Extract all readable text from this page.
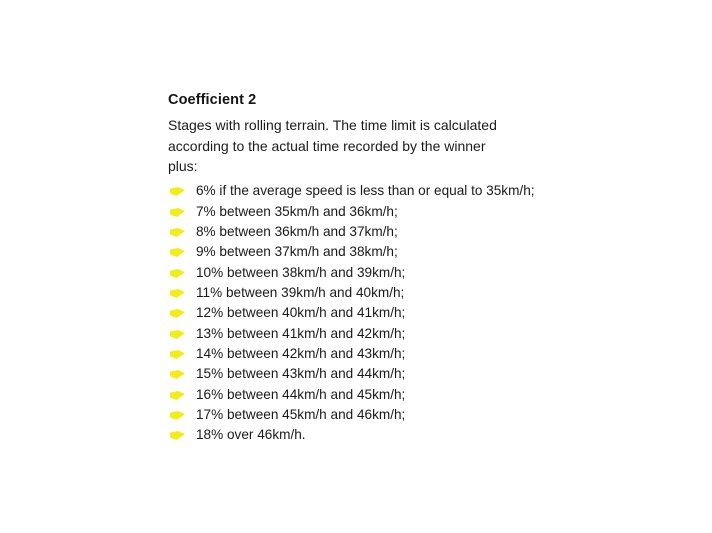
Coefficient 2

Stages with rolling terrain. The time limit is calculated according to the actual time recorded by the winner plus:

6% if the average speed is less than or equal to 35km/h;
7% between 35km/h and 36km/h;
8% between 36km/h and 37km/h;
9% between 37km/h and 38km/h;
10% between 38km/h and 39km/h;
11% between 39km/h and 40km/h;
12% between 40km/h and 41km/h;
13% between 41km/h and 42km/h;
14% between 42km/h and 43km/h;
15% between 43km/h and 44km/h;
16% between 44km/h and 45km/h;
17% between 45km/h and 46km/h;
18% over 46km/h.
